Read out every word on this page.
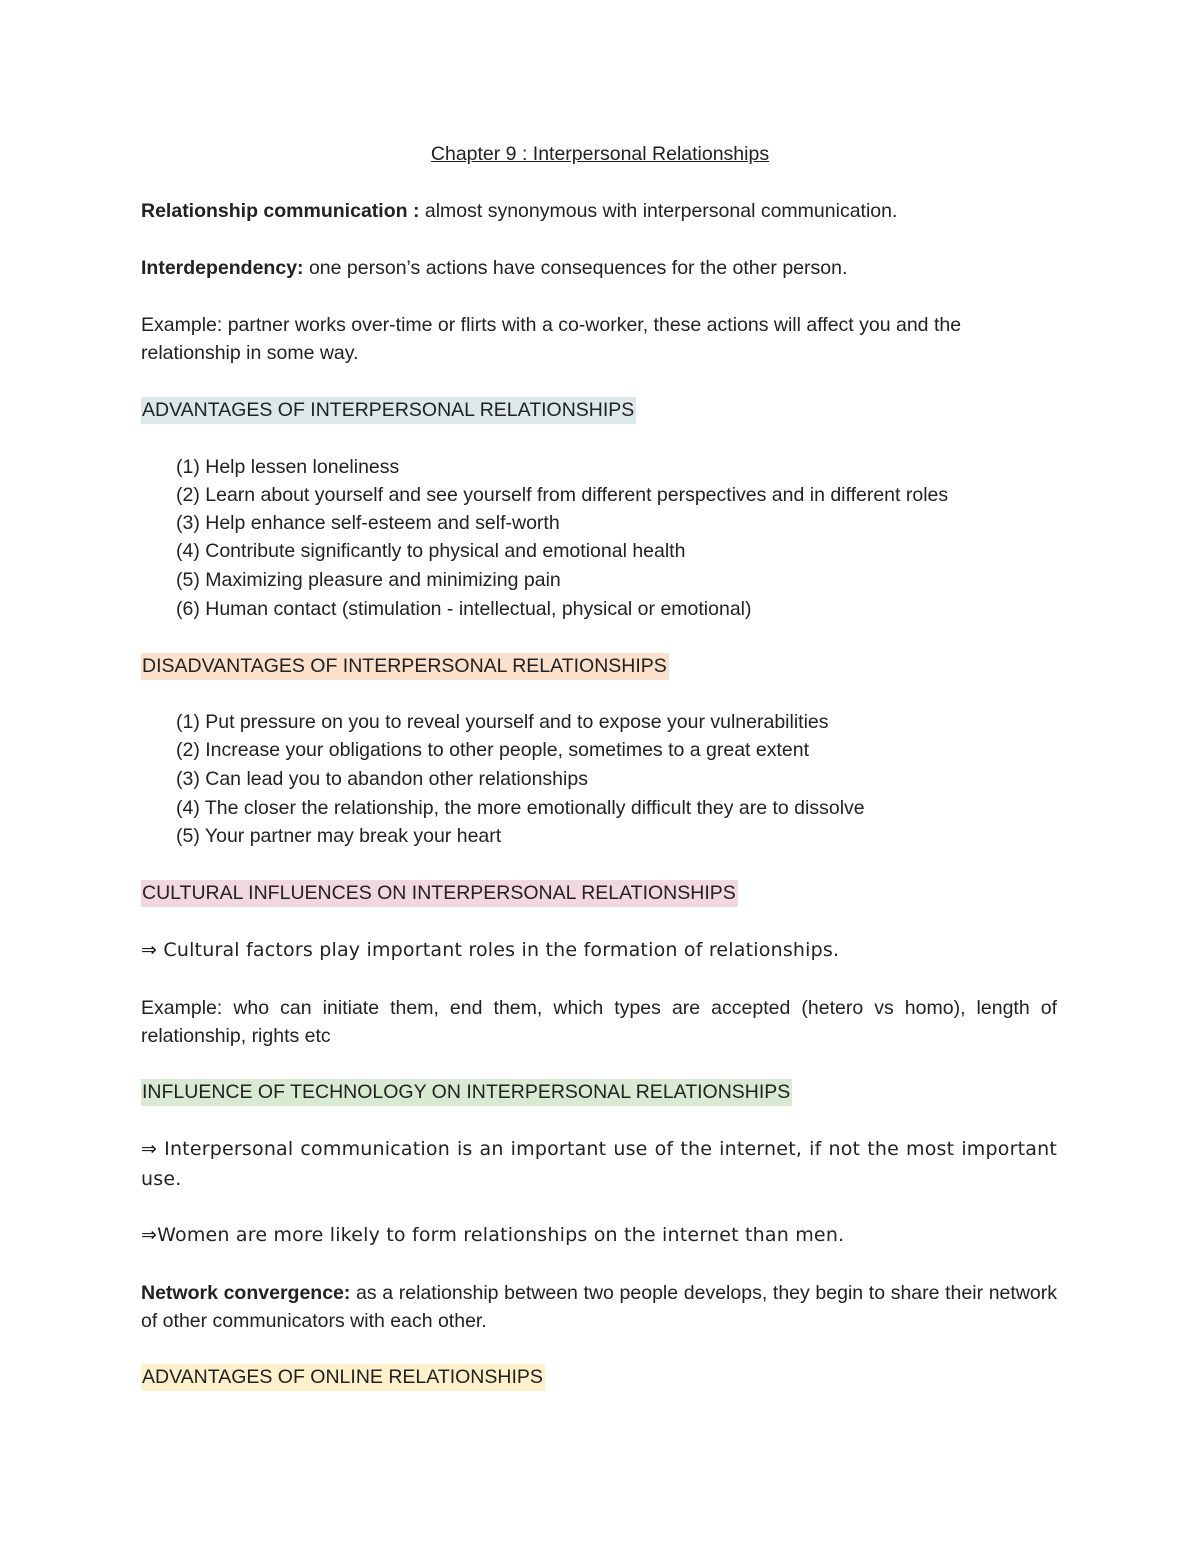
Chapter 9 : Interpersonal Relationships
Relationship communication : almost synonymous with interpersonal communication.
Interdependency: one person’s actions have consequences for the other person.
Example: partner works over-time or flirts with a co-worker, these actions will affect you and the relationship in some way.
ADVANTAGES OF INTERPERSONAL RELATIONSHIPS
(1) Help lessen loneliness
(2) Learn about yourself and see yourself from different perspectives and in different roles
(3) Help enhance self-esteem and self-worth
(4) Contribute significantly to physical and emotional health
(5) Maximizing pleasure and minimizing pain
(6) Human contact (stimulation - intellectual, physical or emotional)
DISADVANTAGES OF INTERPERSONAL RELATIONSHIPS
(1) Put pressure on you to reveal yourself and to expose your vulnerabilities
(2) Increase your obligations to other people, sometimes to a great extent
(3) Can lead you to abandon other relationships
(4) The closer the relationship, the more emotionally difficult they are to dissolve
(5) Your partner may break your heart
CULTURAL INFLUENCES ON INTERPERSONAL RELATIONSHIPS
⇒ Cultural factors play important roles in the formation of relationships.
Example: who can initiate them, end them, which types are accepted (hetero vs homo), length of relationship, rights etc
INFLUENCE OF TECHNOLOGY ON INTERPERSONAL RELATIONSHIPS
⇒ Interpersonal communication is an important use of the internet, if not the most important use.
⇒Women are more likely to form relationships on the internet than men.
Network convergence: as a relationship between two people develops, they begin to share their network of other communicators with each other.
ADVANTAGES OF ONLINE RELATIONSHIPS
